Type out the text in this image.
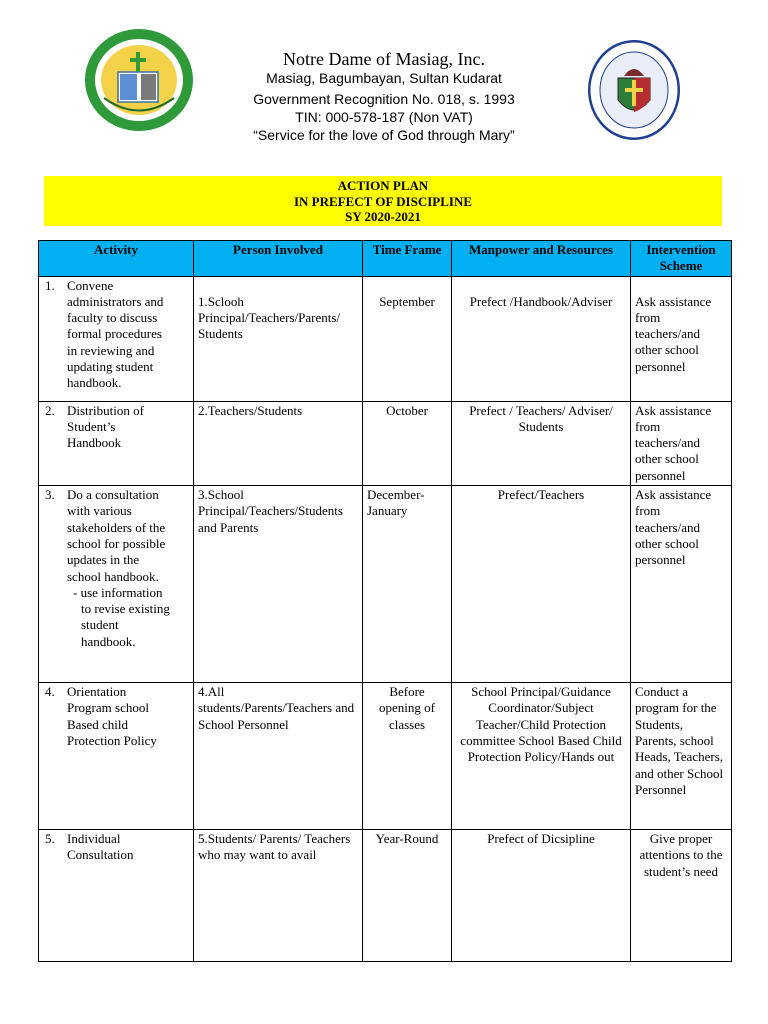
Notre Dame of Masiag, Inc.
Masiag, Bagumbayan, Sultan Kudarat
Government Recognition No. 018, s. 1993
TIN: 000-578-187 (Non VAT)
“Service for the love of God through Mary”
ACTION PLAN
IN PREFECT OF DISCIPLINE
SY 2020-2021
Activity	Person Involved	Time Frame	Manpower and Resources	Intervention Scheme
1. Convene administrators and faculty to discuss formal procedures in reviewing and updating student handbook.	1.Sclooh Principal/Teachers/Parents/ Students	September	Prefect /Handbook/Adviser	Ask assistance from teachers/and other school personnel
2. Distribution of Student’s Handbook	2.Teachers/Students	October	Prefect / Teachers/ Adviser/ Students	Ask assistance from teachers/and other school personnel
3. Do a consultation with various stakeholders of the school for possible updates in the school handbook.
- use information to revise existing student handbook.	3.School Principal/Teachers/Students and Parents	December-January	Prefect/Teachers	Ask assistance from teachers/and other school personnel
4. Orientation Program school Based child Protection Policy	4.All students/Parents/Teachers and School Personnel	Before opening of classes	School Principal/Guidance Coordinator/Subject Teacher/Child Protection committee School Based Child Protection Policy/Hands out	Conduct a program for the Students, Parents, school Heads, Teachers, and other School Personnel
5. Individual Consultation	5.Students/ Parents/ Teachers who may want to avail	Year-Round	Prefect of Dicsipline	Give proper attentions to the student’s need
